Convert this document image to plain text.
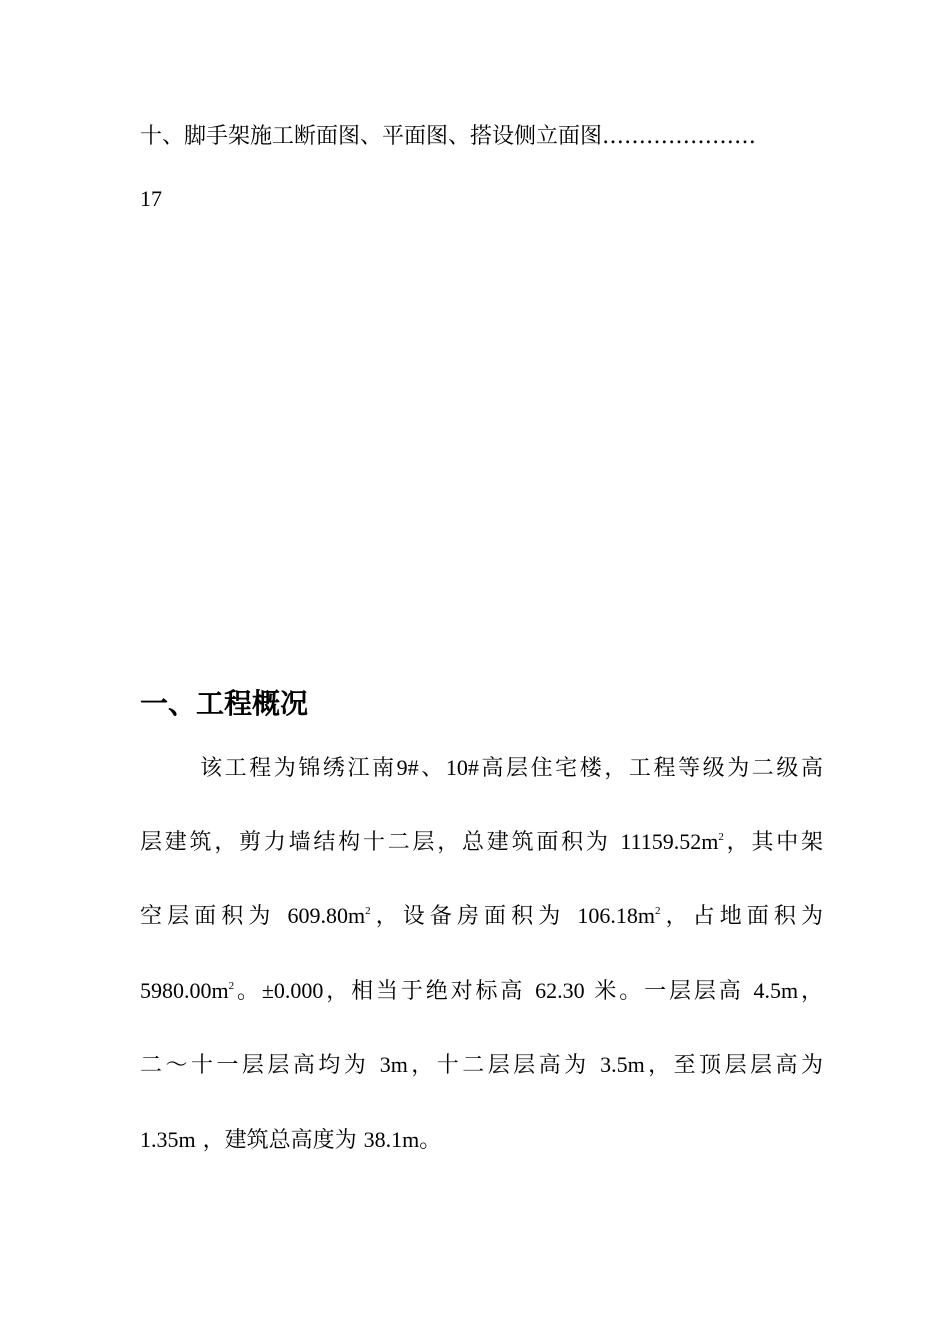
十、脚手架施工断面图、平面图、搭设侧立面图…………………
17
一、工程概况
该工程为锦绣江南9#、10#高层住宅楼，工程等级为二级高
层建筑，剪力墙结构十二层，总建筑面积为 $11159.52m^2$，其中架
空层面积为 $609.80m^2$，设备房面积为 $106.18m^2$，占地面积为
$5980.00m^2$。±0.000，相当于绝对标高 62.30 米。一层层高 4.5m，
二～十一层层高均为 3m，十二层层高为 3.5m，至顶层层高为
1.35m ，建筑总高度为 38.1m。
